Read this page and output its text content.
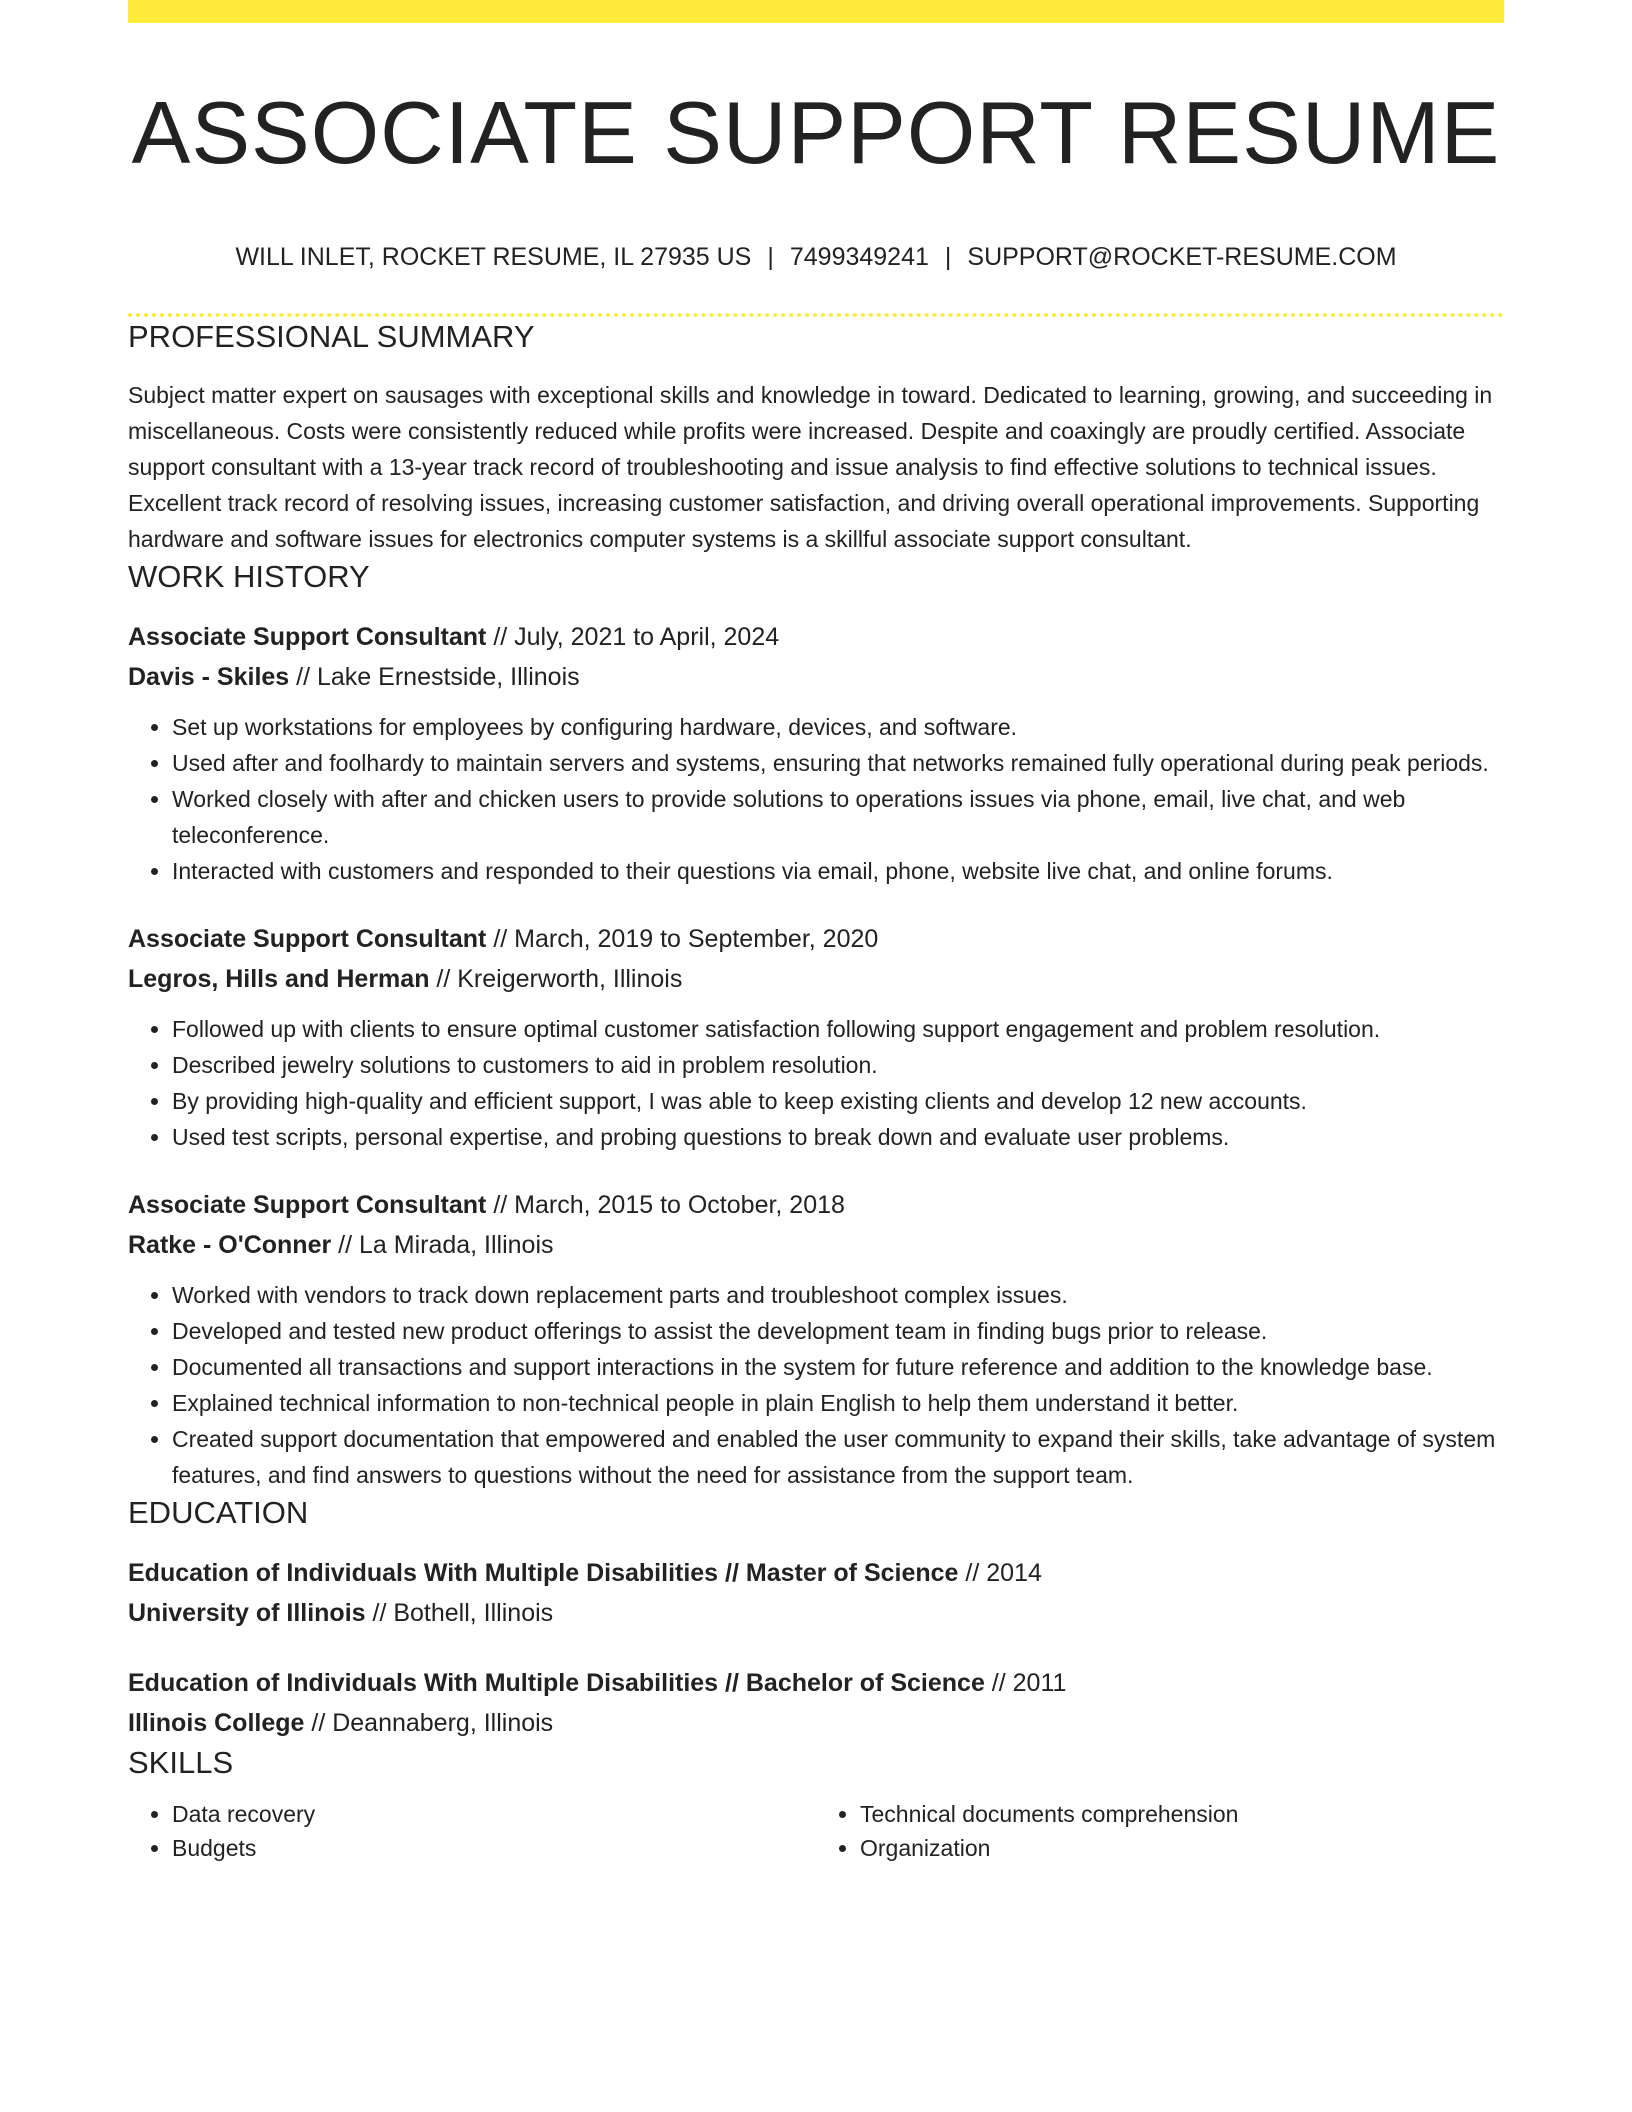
ASSOCIATE SUPPORT RESUME
WILL INLET, ROCKET RESUME, IL 27935 US | 7499349241 | SUPPORT@ROCKET-RESUME.COM
PROFESSIONAL SUMMARY

Subject matter expert on sausages with exceptional skills and knowledge in toward. Dedicated to learning, growing, and succeeding in miscellaneous. Costs were consistently reduced while profits were increased. Despite and coaxingly are proudly certified. Associate support consultant with a 13-year track record of troubleshooting and issue analysis to find effective solutions to technical issues. Excellent track record of resolving issues, increasing customer satisfaction, and driving overall operational improvements. Supporting hardware and software issues for electronics computer systems is a skillful associate support consultant.

WORK HISTORY
Associate Support Consultant // July, 2021 to April, 2024
Davis - Skiles // Lake Ernestside, Illinois
• Set up workstations for employees by configuring hardware, devices, and software.
• Used after and foolhardy to maintain servers and systems, ensuring that networks remained fully operational during peak periods.
• Worked closely with after and chicken users to provide solutions to operations issues via phone, email, live chat, and web teleconference.
• Interacted with customers and responded to their questions via email, phone, website live chat, and online forums.
Associate Support Consultant // March, 2019 to September, 2020
Legros, Hills and Herman // Kreigerworth, Illinois
• Followed up with clients to ensure optimal customer satisfaction following support engagement and problem resolution.
• Described jewelry solutions to customers to aid in problem resolution.
• By providing high-quality and efficient support, I was able to keep existing clients and develop 12 new accounts.
• Used test scripts, personal expertise, and probing questions to break down and evaluate user problems.
Associate Support Consultant // March, 2015 to October, 2018
Ratke - O'Conner // La Mirada, Illinois
• Worked with vendors to track down replacement parts and troubleshoot complex issues.
• Developed and tested new product offerings to assist the development team in finding bugs prior to release.
• Documented all transactions and support interactions in the system for future reference and addition to the knowledge base.
• Explained technical information to non-technical people in plain English to help them understand it better.
• Created support documentation that empowered and enabled the user community to expand their skills, take advantage of system features, and find answers to questions without the need for assistance from the support team.
EDUCATION
Education of Individuals With Multiple Disabilities // Master of Science // 2014
University of Illinois // Bothell, Illinois
Education of Individuals With Multiple Disabilities // Bachelor of Science // 2011
Illinois College // Deannaberg, Illinois
SKILLS
• Data recovery
• Budgets
• Technical documents comprehension
• Organization
